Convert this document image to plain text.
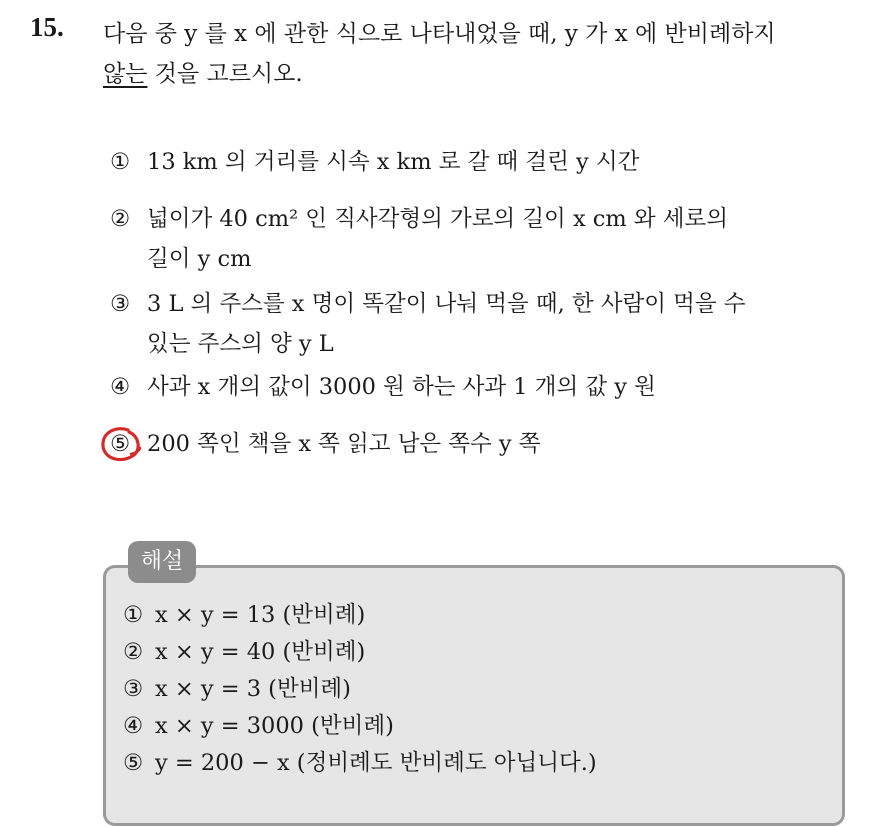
15. 다음 중 y 를 x 에 관한 식으로 나타내었을 때, y 가 x 에 반비례하지
않는 것을 고르시오.
① 13 km 의 거리를 시속 x km 로 갈 때 걸린 y 시간
② 넓이가 40 cm² 인 직사각형의 가로의 길이 x cm 와 세로의
길이 y cm
③ 3 L 의 주스를 x 명이 똑같이 나눠 먹을 때, 한 사람이 먹을 수
있는 주스의 양 y L
④ 사과 x 개의 값이 3000 원 하는 사과 1 개의 값 y 원
⑤ 200 쪽인 책을 x 쪽 읽고 남은 쪽수 y 쪽
해설
① x × y = 13 (반비례)
② x × y = 40 (반비례)
③ x × y = 3 (반비례)
④ x × y = 3000 (반비례)
⑤ y = 200 − x (정비례도 반비례도 아닙니다.)
